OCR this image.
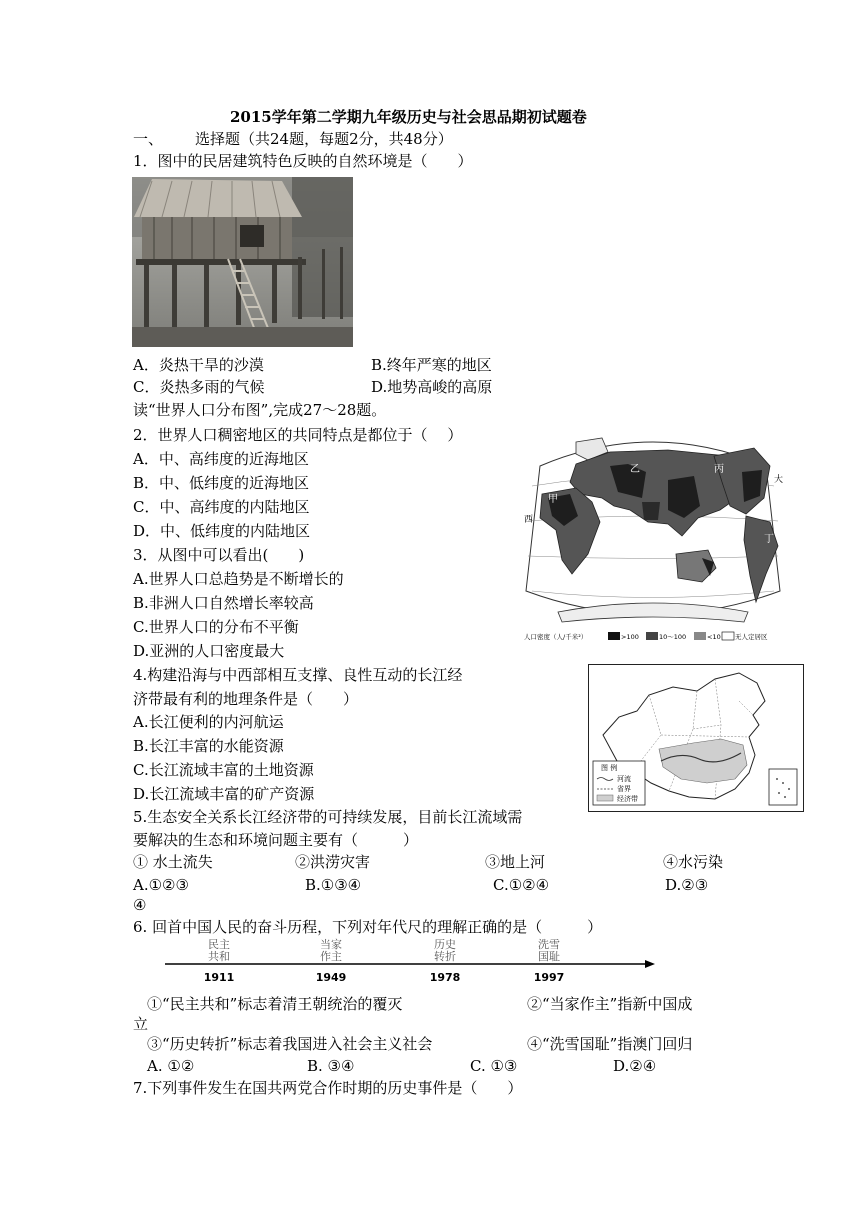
2015学年第二学期九年级历史与社会思品期初试题卷
一、 选择题（共24题，每题2分，共48分）
1．图中的民居建筑特色反映的自然环境是（　　）
A．炎热干旱的沙漠	B.终年严寒的地区
C．炎热多雨的气候	D.地势高峻的高原
读“世界人口分布图”,完成27～28题。
2．世界人口稠密地区的共同特点是都位于（　 ）
A．中、高纬度的近海地区
B．中、低纬度的近海地区
C．中、高纬度的内陆地区
D．中、低纬度的内陆地区
乙	丙
甲
丁
西
大
人口密度（人/千米²）	>100	10～100	<10 无人定居区
3．从图中可以看出(　　)
A.世界人口总趋势是不断增长的
B.非洲人口自然增长率较高
C.世界人口的分布不平衡
D.亚洲的人口密度最大
4.构建沿海与中西部相互支撑、良性互动的长江经
济带最有利的地理条件是（　　）
A.长江便利的内河航运
B.长江丰富的水能资源
C.长江流域丰富的土地资源
D.长江流域丰富的矿产资源
图 例
河流
省界
经济带
5.生态安全关系长江经济带的可持续发展，目前长江流域需
要解决的生态和环境问题主要有（　　　）
① 水土流失	②洪涝灾害	③地上河	④水污染
A.①②③	B.①③④	C.①②④	D.②③
④
6. 回首中国人民的奋斗历程，下列对年代尺的理解正确的是（　　　）
民主
共和
当家
作主
历史
转折
洗雪
国耻
1911	1949	1978	1997
①“民主共和”标志着清王朝统治的覆灭	②“当家作主”指新中国成
立
③“历史转折”标志着我国进入社会主义社会	④“洗雪国耻”指澳门回归
A. ①②	B. ③④	C. ①③	D.②④
7.下列事件发生在国共两党合作时期的历史事件是（　　）
